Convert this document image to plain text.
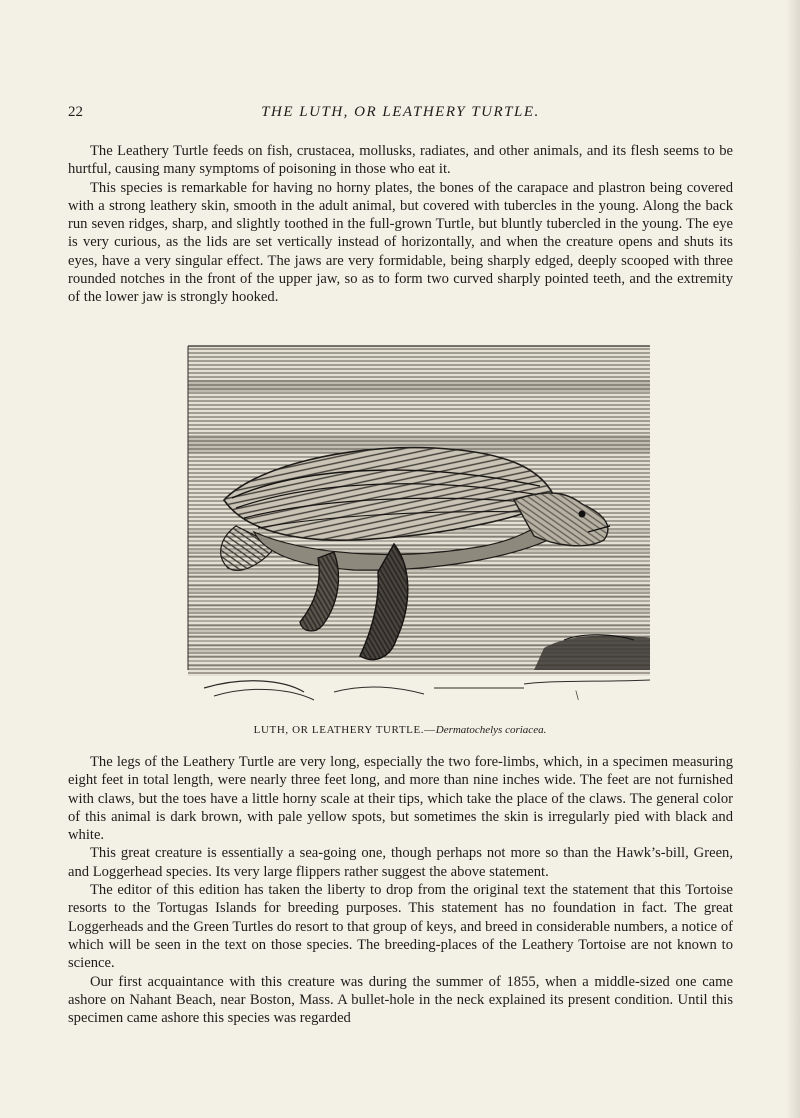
22	THE LUTH, OR LEATHERY TURTLE.

The Leathery Turtle feeds on fish, crustacea, mollusks, radiates, and other animals, and its flesh seems to be hurtful, causing many symptoms of poisoning in those who eat it.

This species is remarkable for having no horny plates, the bones of the carapace and plastron being covered with a strong leathery skin, smooth in the adult animal, but covered with tubercles in the young. Along the back run seven ridges, sharp, and slightly toothed in the full-grown Turtle, but bluntly tubercled in the young. The eye is very curious, as the lids are set vertically instead of horizontally, and when the creature opens and shuts its eyes, have a very singular effect. The jaws are very formidable, being sharply edged, deeply scooped with three rounded notches in the front of the upper jaw, so as to form two curved sharply pointed teeth, and the extremity of the lower jaw is strongly hooked.

╲
LUTH, OR LEATHERY TURTLE.—Dermatochelys coriacea.

The legs of the Leathery Turtle are very long, especially the two fore-limbs, which, in a specimen measuring eight feet in total length, were nearly three feet long, and more than nine inches wide. The feet are not furnished with claws, but the toes have a little horny scale at their tips, which take the place of the claws. The general color of this animal is dark brown, with pale yellow spots, but sometimes the skin is irregularly pied with black and white.

This great creature is essentially a sea-going one, though perhaps not more so than the Hawk’s-bill, Green, and Loggerhead species. Its very large flippers rather suggest the above statement.

The editor of this edition has taken the liberty to drop from the original text the statement that this Tortoise resorts to the Tortugas Islands for breeding purposes. This statement has no foundation in fact. The great Loggerheads and the Green Turtles do resort to that group of keys, and breed in considerable numbers, a notice of which will be seen in the text on those species. The breeding-places of the Leathery Tortoise are not known to science.

Our first acquaintance with this creature was during the summer of 1855, when a middle-sized one came ashore on Nahant Beach, near Boston, Mass. A bullet-hole in the neck explained its present condition. Until this specimen came ashore this species was regarded
